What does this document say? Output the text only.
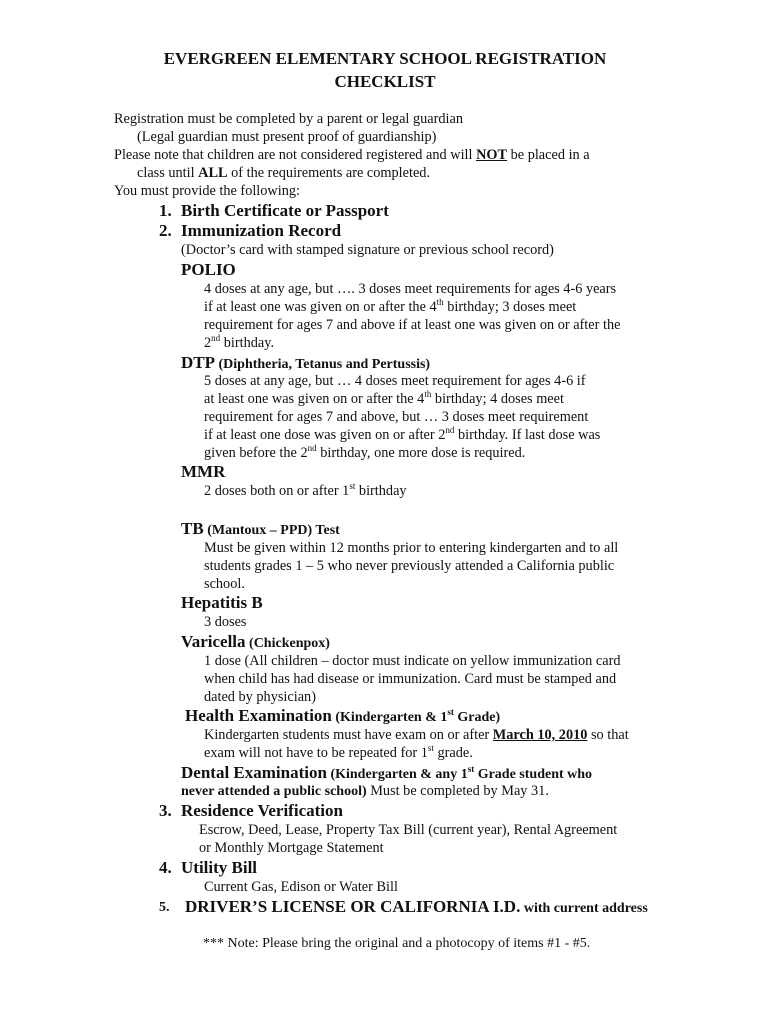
EVERGREEN ELEMENTARY SCHOOL REGISTRATION
CHECKLIST
Registration must be completed by a parent or legal guardian
(Legal guardian must present proof of guardianship)
Please note that children are not considered registered and will NOT be placed in a
class until ALL of the requirements are completed.
You must provide the following:
1. Birth Certificate or Passport
2. Immunization Record
(Doctor’s card with stamped signature or previous school record)
POLIO
4 doses at any age, but …. 3 doses meet requirements for ages 4-6 years
if at least one was given on or after the 4th birthday; 3 doses meet
requirement for ages 7 and above if at least one was given on or after the
2nd birthday.
DTP (Diphtheria, Tetanus and Pertussis)
5 doses at any age, but … 4 doses meet requirement for ages 4-6 if
at least one was given on or after the 4th birthday; 4 doses meet
requirement for ages 7 and above, but … 3 doses meet requirement
if at least one dose was given on or after 2nd birthday. If last dose was
given before the 2nd birthday, one more dose is required.
MMR
2 doses both on or after 1st birthday
TB (Mantoux – PPD) Test
Must be given within 12 months prior to entering kindergarten and to all
students grades 1 – 5 who never previously attended a California public
school.
Hepatitis B
3 doses
Varicella (Chickenpox)
1 dose (All children – doctor must indicate on yellow immunization card
when child has had disease or immunization. Card must be stamped and
dated by physician)
Health Examination (Kindergarten & 1st Grade)
Kindergarten students must have exam on or after March 10, 2010 so that
exam will not have to be repeated for 1st grade.
Dental Examination (Kindergarten & any 1st Grade student who
never attended a public school) Must be completed by May 31.
3. Residence Verification
Escrow, Deed, Lease, Property Tax Bill (current year), Rental Agreement
or Monthly Mortgage Statement
4. Utility Bill
Current Gas, Edison or Water Bill
5. DRIVER’S LICENSE OR CALIFORNIA I.D. with current address
*** Note: Please bring the original and a photocopy of items #1 - #5.
